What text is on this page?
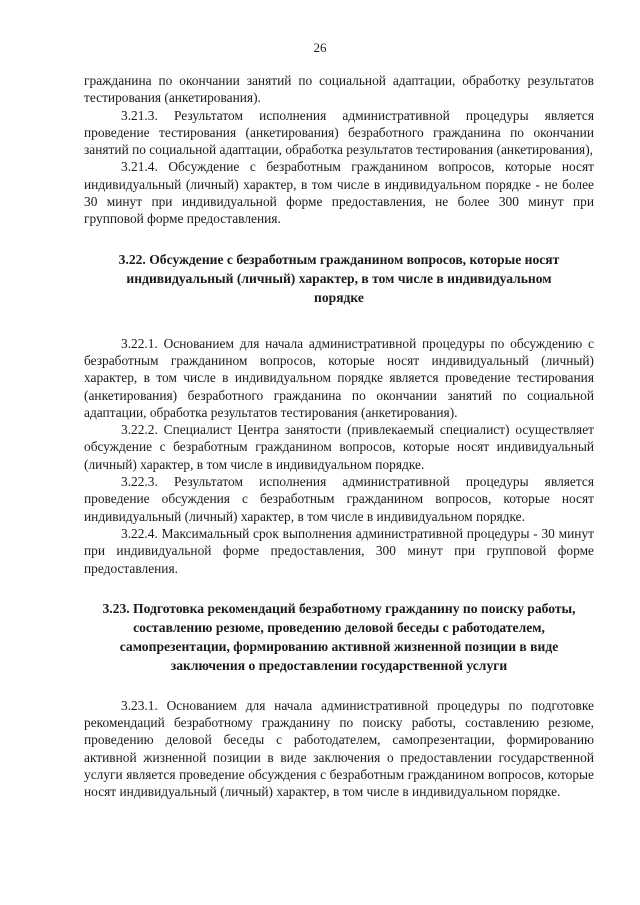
26

гражданина по окончании занятий по социальной адаптации, обработку результатов тестирования (анкетирования).

3.21.3. Результатом исполнения административной процедуры является проведение тестирования (анкетирования) безработного гражданина по окончании занятий по социальной адаптации, обработка результатов тестирования (анкетирования),

3.21.4. Обсуждение с безработным гражданином вопросов, которые носят индивидуальный (личный) характер, в том числе в индивидуальном порядке - не более 30 минут при индивидуальной форме предоставления, не более 300 минут при групповой форме предоставления.

3.22. Обсуждение с безработным гражданином вопросов, которые носят индивидуальный (личный) характер, в том числе в индивидуальном порядке

3.22.1. Основанием для начала административной процедуры по обсуждению с безработным гражданином вопросов, которые носят индивидуальный (личный) характер, в том числе в индивидуальном порядке является проведение тестирования (анкетирования) безработного гражданина по окончании занятий по социальной адаптации, обработка результатов тестирования (анкетирования).

3.22.2. Специалист Центра занятости (привлекаемый специалист) осуществляет обсуждение с безработным гражданином вопросов, которые носят индивидуальный (личный) характер, в том числе в индивидуальном порядке.

3.22.3. Результатом исполнения административной процедуры является проведение обсуждения с безработным гражданином вопросов, которые носят индивидуальный (личный) характер, в том числе в индивидуальном порядке.

3.22.4. Максимальный срок выполнения административной процедуры - 30 минут при индивидуальной форме предоставления, 300 минут при групповой форме предоставления.

3.23. Подготовка рекомендаций безработному гражданину по поиску работы, составлению резюме, проведению деловой беседы с работодателем, самопрезентации, формированию активной жизненной позиции в виде заключения о предоставлении государственной услуги

3.23.1. Основанием для начала административной процедуры по подготовке рекомендаций безработному гражданину по поиску работы, составлению резюме, проведению деловой беседы с работодателем, самопрезентации, формированию активной жизненной позиции в виде заключения о предоставлении государственной услуги является проведение обсуждения с безработным гражданином вопросов, которые носят индивидуальный (личный) характер, в том числе в индивидуальном порядке.
